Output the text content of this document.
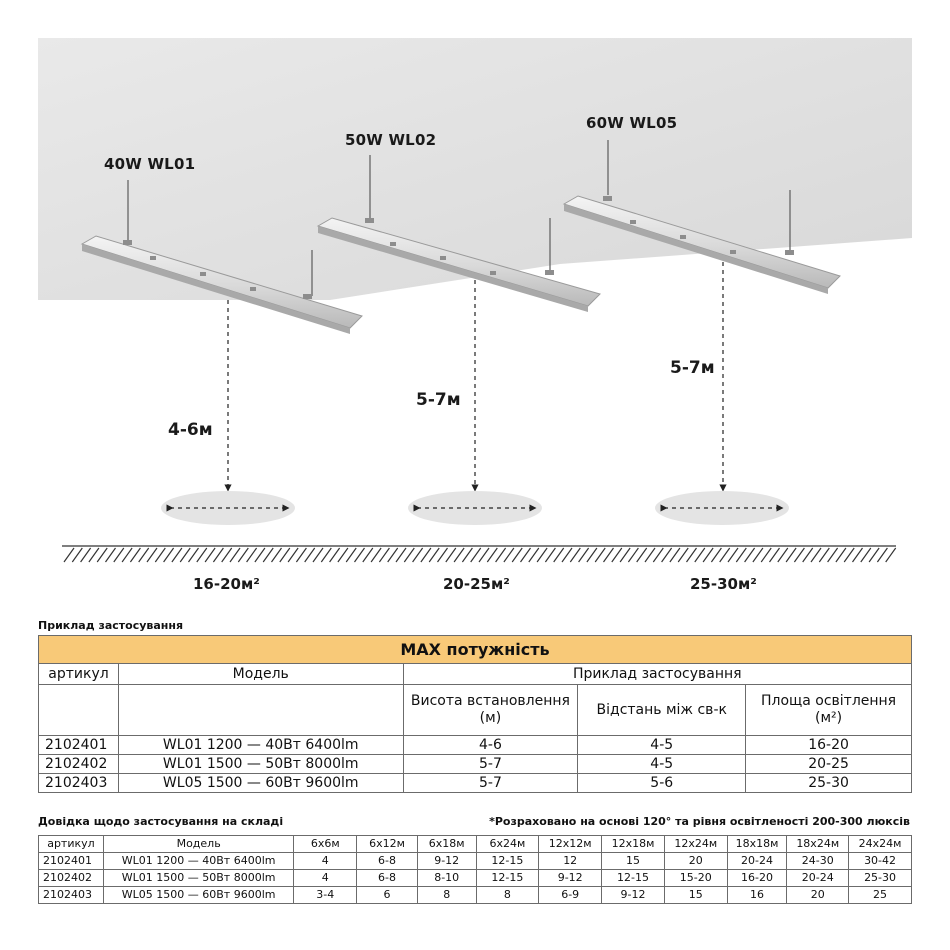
40W WL01
50W WL02
60W WL05
4-6м
5-7м
5-7м
16-20м²	20-25м²	25-30м²
Приклад застосування
MAX потужність				
артикул	Модель	Приклад застосування		
		Висота встановлення (м)	Відстань між св-к	Площа освітлення (м²)
2102401	WL01 1200 — 40Вт 6400lm	4-6	4-5	16-20
2102402	WL01 1500 — 50Вт 8000lm	5-7	4-5	20-25
2102403	WL05 1500 — 60Вт 9600lm	5-7	5-6	25-30
Довідка щодо застосування на складі	*Розраховано на основі 120° та рівня освітленості 200-300 люксів
артикул	Модель	6х6м	6х12м	6х18м	6х24м	12х12м	12х18м	12х24м	18х18м	18х24м	24х24м
2102401	WL01 1200 — 40Вт 6400lm	4	6-8	9-12	12-15	12	15	20	20-24	24-30	30-42
2102402	WL01 1500 — 50Вт 8000lm	4	6-8	8-10	12-15	9-12	12-15	15-20	16-20	20-24	25-30
2102403	WL05 1500 — 60Вт 9600lm	3-4	6	8	8	6-9	9-12	15	16	20	25
